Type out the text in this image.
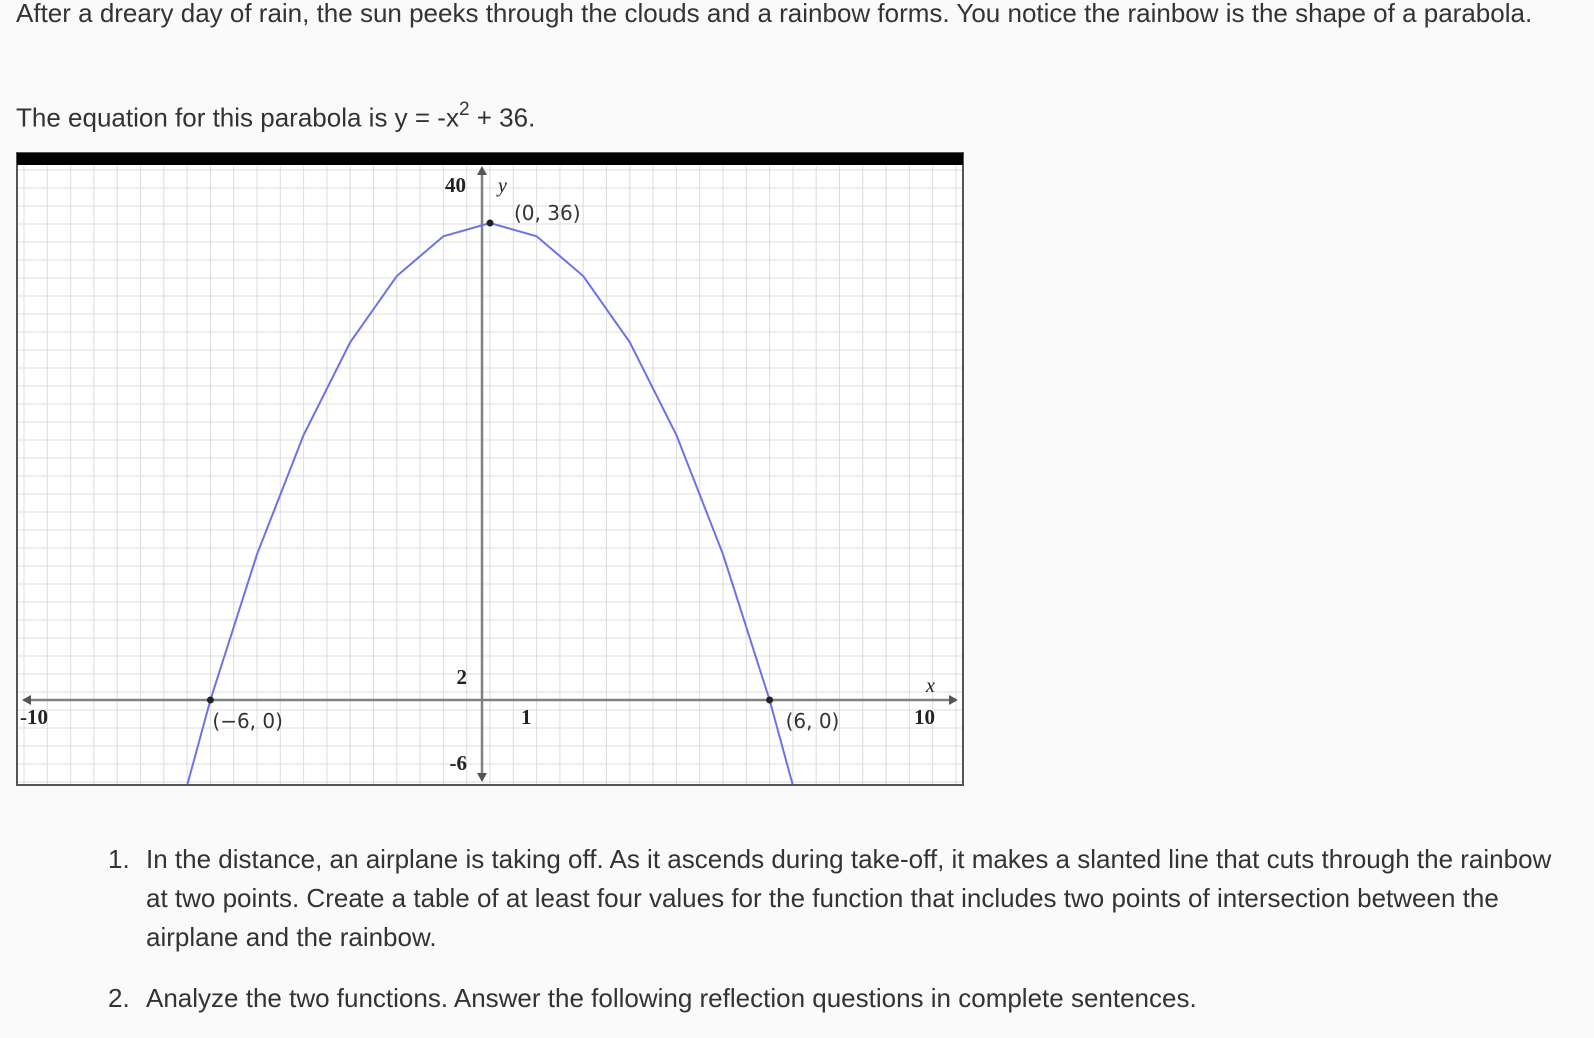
After a dreary day of rain, the sun peeks through the clouds and a rainbow forms. You notice the rainbow is the shape of a parabola.

The equation for this parabola is $y = -x^2 + 36$.

(0, 36)
(−6, 0)	(6, 0)
y
x
40
2
-6
-10	1	10
1. In the distance, an airplane is taking off. As it ascends during take-off, it makes a slanted line that cuts through the rainbow at two points. Create a table of at least four values for the function that includes two points of intersection between the airplane and the rainbow.
2. Analyze the two functions. Answer the following reflection questions in complete sentences.
